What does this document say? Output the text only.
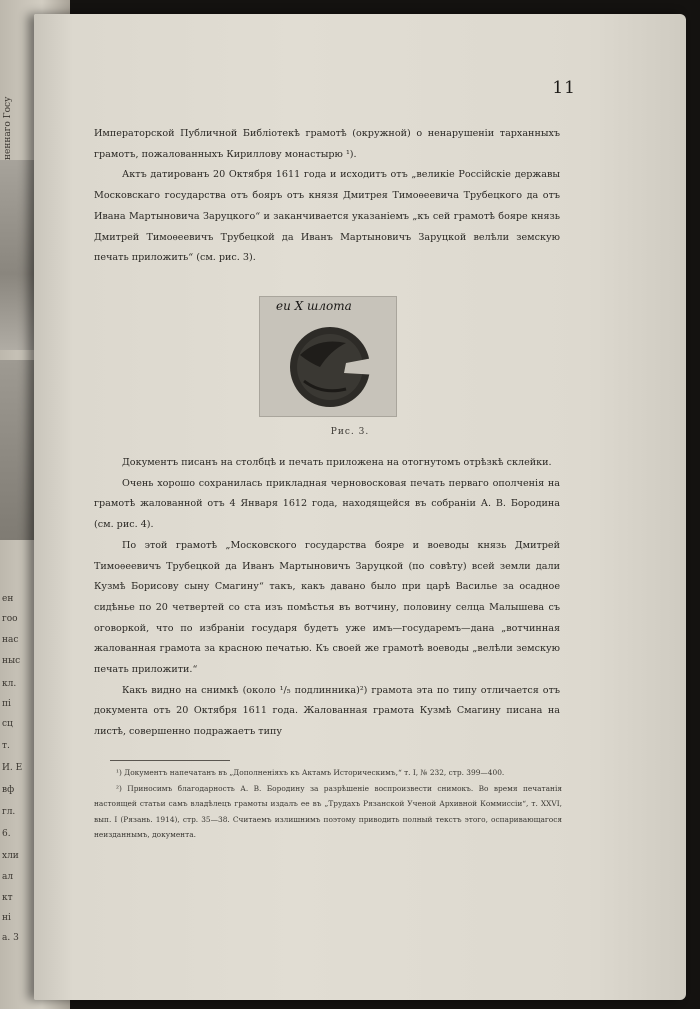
неннаго Госу
ен
гоо
нас
ныс
кл.
пі
сц
т.
И. Е
вф
гл.
6.
хли
ал
кт
ні
а. 3
11

Императорской Публичной Библіотекѣ грамотѣ (окружной) о ненарушеніи тарханныхъ грамотъ, пожалованныхъ Кириллову монастырю ¹).

Актъ датированъ 20 Октября 1611 года и исходитъ отъ „великіе Россійскіе державы Московскаго государства отъ бояръ отъ князя Дмитрея Тимоѳеевича Трубецкого да отъ Ивана Мартыновича Заруцкого“ и заканчивается указаніемъ „къ сей грамотѣ бояре князь Дмитрей Тимоѳеевичъ Трубецкой да Иванъ Мартыновичъ Заруцкой велѣли земскую печать приложить“ (см. рис. 3).

еи Х шлота
Рис. 3.

Документъ писанъ на столбцѣ и печать приложена на отогнутомъ отрѣзкѣ склейки.

Очень хорошо сохранилась прикладная черновосковая печать перваго ополченія на грамотѣ жалованной отъ 4 Января 1612 года, находящейся въ собраніи А. В. Бородина (см. рис. 4).

По этой грамотѣ „Московского государства бояре и воеводы князь Дмитрей Тимоѳеевичъ Трубецкой да Иванъ Мартыновичъ Заруцкой (по совѣту) всей земли дали Кузмѣ Борисову сыну Смагину“ такъ, какъ давано было при царѣ Василье за осадное сидѣнье по 20 четвертей со ста изъ помѣстья въ вотчину, половину селца Малышева съ оговоркой, что по избраніи государя будетъ уже имъ—государемъ—дана „вотчинная жалованная грамота за красною печатью. Къ своей же грамотѣ воеводы „велѣли земскую печать приложити.“

Какъ видно на снимкѣ (около ¹/₅ подлинника)²) грамота эта по типу отличается отъ документа отъ 20 Октября 1611 года. Жалованная грамота Кузмѣ Смагину писана на листѣ, совершенно подражаетъ типу

¹) Документъ напечатанъ въ „Дополненіяхъ къ Актамъ Историческимъ,“ т. I, № 232, стр. 399—400.

²) Приносимъ благодарность А. В. Бородину за разрѣшеніе воспроизвести снимокъ. Во время печатанія настоящей статьи самъ владѣлецъ грамоты издалъ ее въ „Трудахъ Рязанской Ученой Архивной Коммиссіи“, т. XXVI, вып. I (Рязань. 1914), стр. 35—38. Считаемъ излишнимъ поэтому приводить полный текстъ этого, оспаривающагося неизданнымъ, документа.
